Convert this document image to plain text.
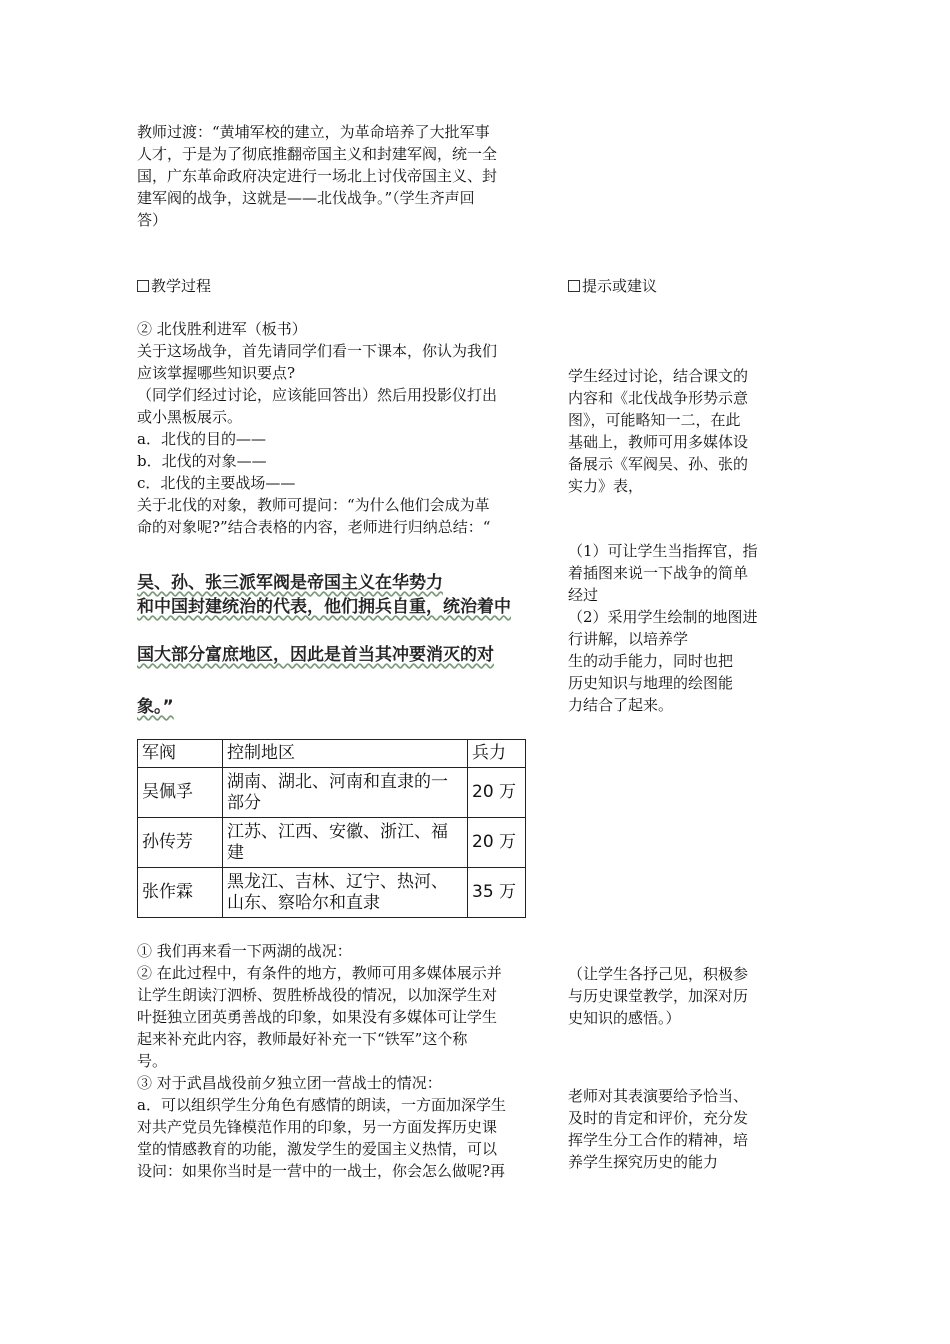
教师过渡：“黄埔军校的建立，为革命培养了大批军事

人才，于是为了彻底推翻帝国主义和封建军阀，统一全

国，广东革命政府决定进行一场北上讨伐帝国主义、封

建军阀的战争，这就是——北伐战争。”（学生齐声回

答）

教学过程	提示或建议

② 北伐胜利进军（板书）

关于这场战争，首先请同学们看一下课本，你认为我们

应该掌握哪些知识要点?

（同学们经过讨论，应该能回答出）然后用投影仪打出

或小黑板展示。

a．北伐的目的——

b．北伐的对象——

c．北伐的主要战场——

关于北伐的对象，教师可提问：“为什么他们会成为革

命的对象呢?”结合表格的内容，老师进行归纳总结：“

吴、孙、张三派军阀是帝国主义在华势力
和中国封建统治的代表，他们拥兵自重，统治着中
国大部分富庶地区，因此是首当其冲要消灭的对
象。”
军阀	控制地区	兵力
吴佩孚	湖南、湖北、河南和直隶的一部分	20 万
孙传芳	江苏、江西、安徽、浙江、福建	20 万
张作霖	黑龙江、吉林、辽宁、热河、山东、察哈尔和直隶	35 万

① 我们再来看一下两湖的战况：

② 在此过程中，有条件的地方，教师可用多媒体展示并

让学生朗读汀泗桥、贺胜桥战役的情况，以加深学生对

叶挺独立团英勇善战的印象，如果没有多媒体可让学生

起来补充此内容，教师最好补充一下“铁军”这个称

号。

③ 对于武昌战役前夕独立团一营战士的情况：

a．可以组织学生分角色有感情的朗读，一方面加深学生

对共产党员先锋模范作用的印象，另一方面发挥历史课

堂的情感教育的功能，激发学生的爱国主义热情，可以

设问：如果你当时是一营中的一战士，你会怎么做呢?再

学生经过讨论，结合课文的

内容和《北伐战争形势示意

图》，可能略知一二，在此

基础上，教师可用多媒体设

备展示《军阀吴、孙、张的

实力》表，

（1）可让学生当指挥官，指

着插图来说一下战争的简单

经过

（2）采用学生绘制的地图进

行讲解，以培养学

生的动手能力，同时也把

历史知识与地理的绘图能

力结合了起来。

（让学生各抒己见，积极参

与历史课堂教学，加深对历

史知识的感悟。）

老师对其表演要给予恰当、

及时的肯定和评价，充分发

挥学生分工合作的精神，培

养学生探究历史的能力
